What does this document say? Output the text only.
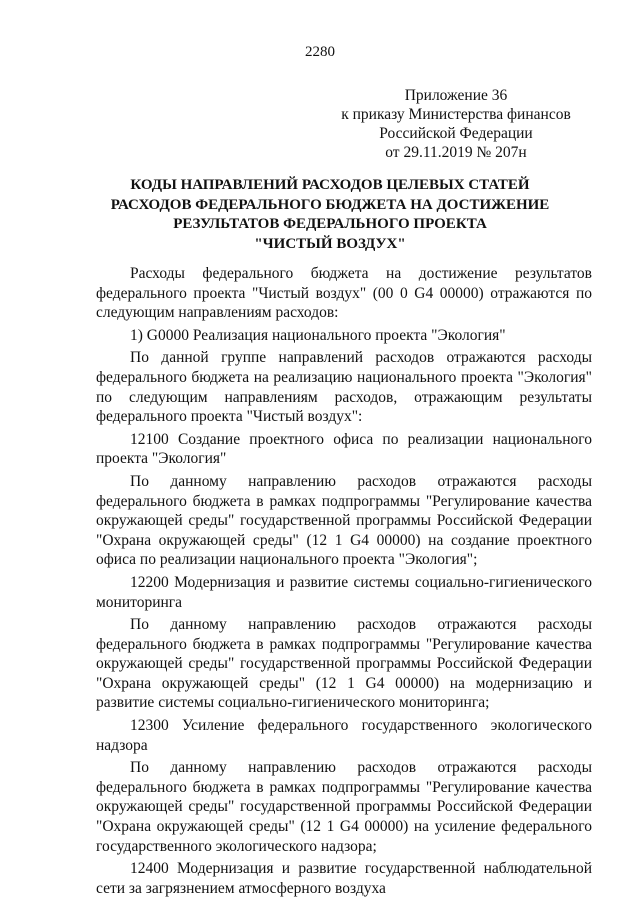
2280
Приложение 36
к приказу Министерства финансов
Российской Федерации
от 29.11.2019 № 207н
КОДЫ НАПРАВЛЕНИЙ РАСХОДОВ ЦЕЛЕВЫХ СТАТЕЙ
РАСХОДОВ ФЕДЕРАЛЬНОГО БЮДЖЕТА НА ДОСТИЖЕНИЕ
РЕЗУЛЬТАТОВ ФЕДЕРАЛЬНОГО ПРОЕКТА
"ЧИСТЫЙ ВОЗДУХ"

Расходы федерального бюджета на достижение результатов федерального проекта "Чистый воздух" (00 0 G4 00000) отражаются по следующим направлениям расходов:

1) G0000 Реализация национального проекта "Экология"

По данной группе направлений расходов отражаются расходы федерального бюджета на реализацию национального проекта "Экология" по следующим направлениям расходов, отражающим результаты федерального проекта "Чистый воздух":

12100 Создание проектного офиса по реализации национального проекта "Экология"

По данному направлению расходов отражаются расходы федерального бюджета в рамках подпрограммы "Регулирование качества окружающей среды" государственной программы Российской Федерации "Охрана окружающей среды" (12 1 G4 00000) на создание проектного офиса по реализации национального проекта "Экология";

12200 Модернизация и развитие системы социально-гигиенического мониторинга

По данному направлению расходов отражаются расходы федерального бюджета в рамках подпрограммы "Регулирование качества окружающей среды" государственной программы Российской Федерации "Охрана окружающей среды" (12 1 G4 00000) на модернизацию и развитие системы социально-гигиенического мониторинга;

12300 Усиление федерального государственного экологического надзора

По данному направлению расходов отражаются расходы федерального бюджета в рамках подпрограммы "Регулирование качества окружающей среды" государственной программы Российской Федерации "Охрана окружающей среды" (12 1 G4 00000) на усиление федерального государственного экологического надзора;

12400 Модернизация и развитие государственной наблюдательной сети за загрязнением атмосферного воздуха
